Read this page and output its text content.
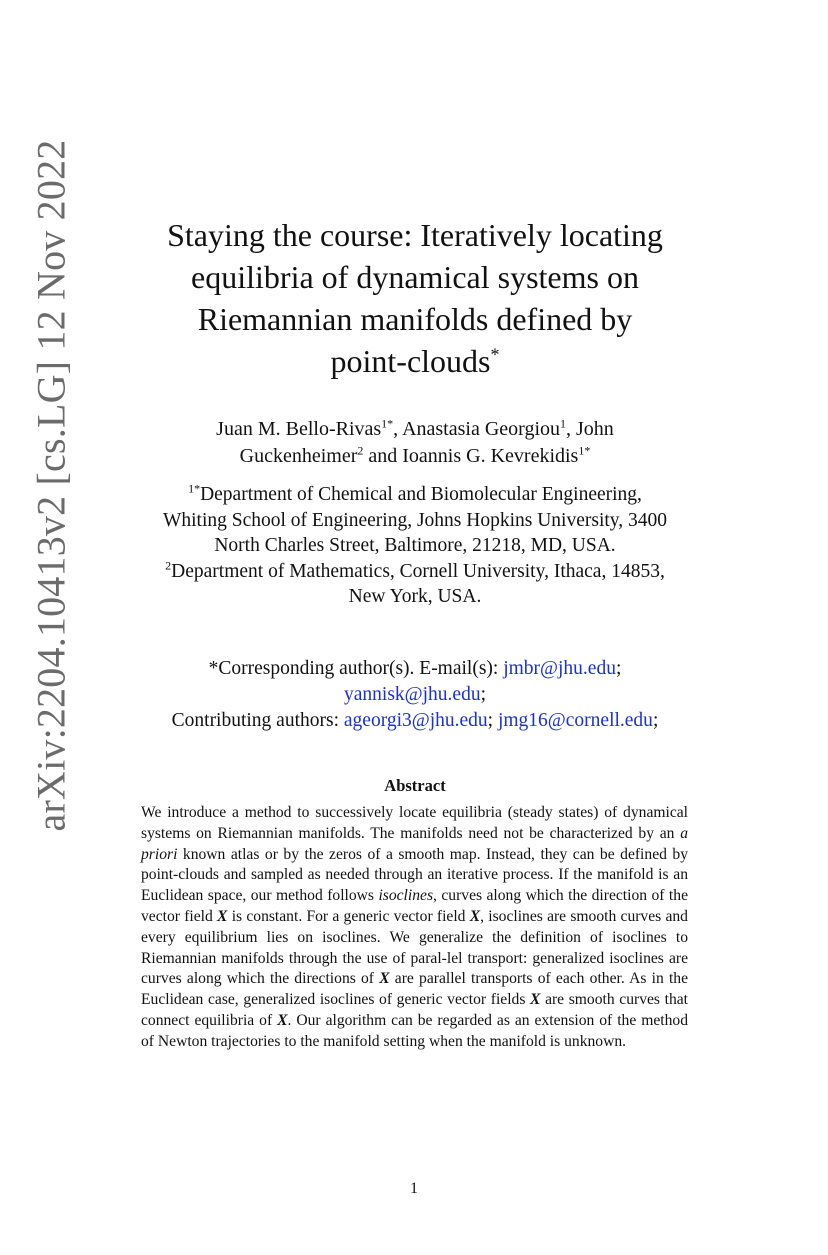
arXiv:2204.10413v2 [cs.LG] 12 Nov 2022	Staying the course: Iteratively locating
equilibria of dynamical systems on
Riemannian manifolds defined by
point-clouds*
Juan M. Bello-Rivas$^{1*}$, Anastasia Georgiou$^1$, John
Guckenheimer$^2$ and Ioannis G. Kevrekidis$^{1*}$
$^{1*}$Department of Chemical and Biomolecular Engineering,
Whiting School of Engineering, Johns Hopkins University, 3400
North Charles Street, Baltimore, 21218, MD, USA.
$^2$Department of Mathematics, Cornell University, Ithaca, 14853,
New York, USA.
*Corresponding author(s). E-mail(s): jmbr@jhu.edu;
yannisk@jhu.edu;
Contributing authors: ageorgi3@jhu.edu; jmg16@cornell.edu;
Abstract
We introduce a method to successively locate equilibria (steady states) of dynamical systems on Riemannian manifolds. The manifolds need not be characterized by an a priori known atlas or by the zeros of a smooth map. Instead, they can be defined by point-clouds and sampled as needed through an iterative process. If the manifold is an Euclidean space, our method follows isoclines, curves along which the direction of the vector field X is constant. For a generic vector field X, isoclines are smooth curves and every equilibrium lies on isoclines. We generalize the definition of isoclines to Riemannian manifolds through the use of paral-lel transport: generalized isoclines are curves along which the directions of X are parallel transports of each other. As in the Euclidean case, generalized isoclines of generic vector fields X are smooth curves that connect equilibria of X. Our algorithm can be regarded as an extension of the method of Newton trajectories to the manifold setting when the manifold is unknown.
1
